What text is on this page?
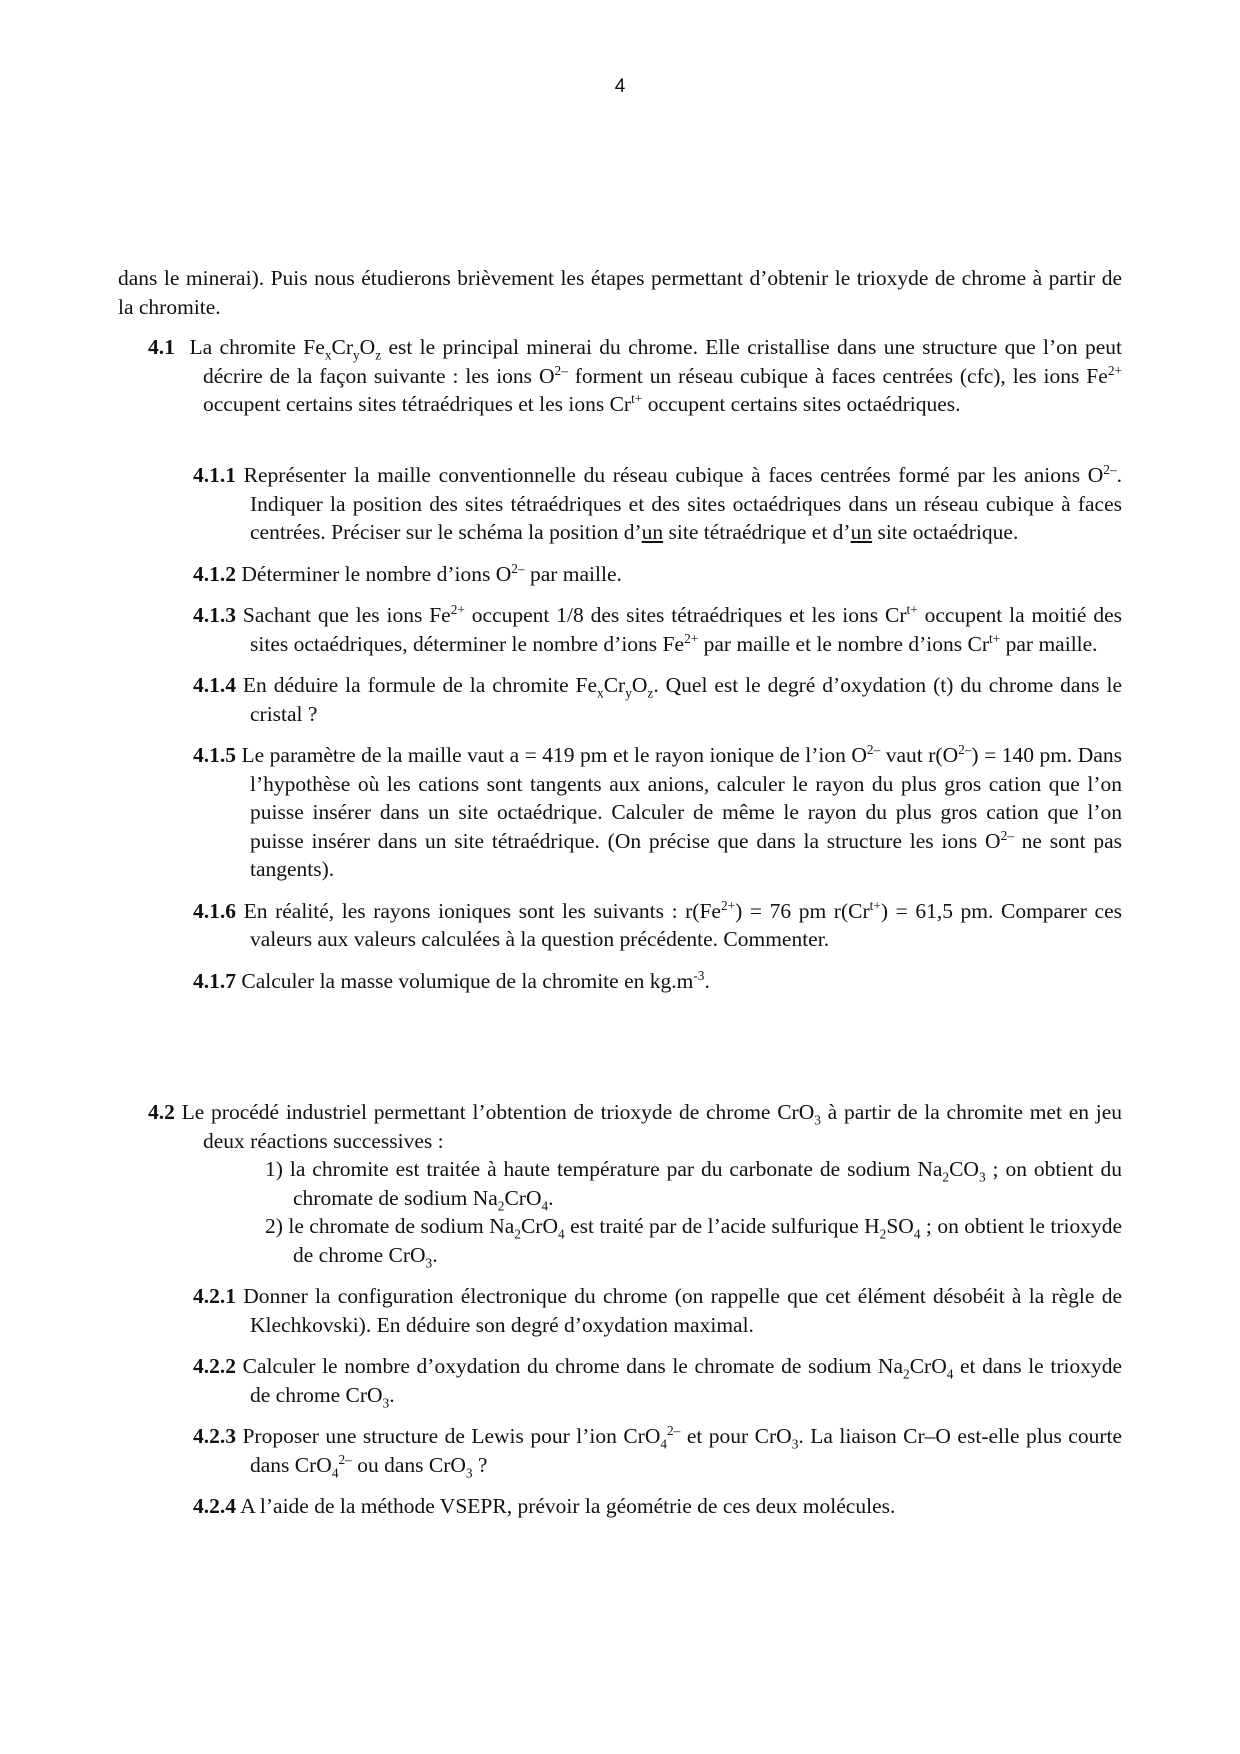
4

dans le minerai). Puis nous étudierons brièvement les étapes permettant d’obtenir le trioxyde de chrome à partir de la chromite.

4.1 La chromite $Fe_xCr_yO_z$ est le principal minerai du chrome. Elle cristallise dans une structure que l’on peut décrire de la façon suivante : les ions $O^{2-}$ forment un réseau cubique à faces centrées (cfc), les ions $Fe^{2+}$ occupent certains sites tétraédriques et les ions $Cr^{t+}$ occupent certains sites octaédriques.

4.1.1 Représenter la maille conventionnelle du réseau cubique à faces centrées formé par les anions $O^{2-}$. Indiquer la position des sites tétraédriques et des sites octaédriques dans un réseau cubique à faces centrées. Préciser sur le schéma la position d’un site tétraédrique et d’un site octaédrique.

4.1.2 Déterminer le nombre d’ions $O^{2-}$ par maille.

4.1.3 Sachant que les ions $Fe^{2+}$ occupent 1/8 des sites tétraédriques et les ions $Cr^{t+}$ occupent la moitié des sites octaédriques, déterminer le nombre d’ions $Fe^{2+}$ par maille et le nombre d’ions $Cr^{t+}$ par maille.

4.1.4 En déduire la formule de la chromite $Fe_xCr_yO_z$. Quel est le degré d’oxydation (t) du chrome dans le cristal ?

4.1.5 Le paramètre de la maille vaut a = 419 pm et le rayon ionique de l’ion $O^{2-}$ vaut $r(O^{2-}) = 140$ pm. Dans l’hypothèse où les cations sont tangents aux anions, calculer le rayon du plus gros cation que l’on puisse insérer dans un site octaédrique. Calculer de même le rayon du plus gros cation que l’on puisse insérer dans un site tétraédrique. (On précise que dans la structure les ions $O^{2-}$ ne sont pas tangents).

4.1.6 En réalité, les rayons ioniques sont les suivants : $r(Fe^{2+}) = 76$ pm $r(Cr^{t+}) = 61,5$ pm. Comparer ces valeurs aux valeurs calculées à la question précédente. Commenter.

4.1.7 Calculer la masse volumique de la chromite en $kg.m^{-3}$.

4.2 Le procédé industriel permettant l’obtention de trioxyde de chrome CrO$_3$ à partir de la chromite met en jeu deux réactions successives :

1) la chromite est traitée à haute température par du carbonate de sodium $Na_2CO_3$ ; on obtient du chromate de sodium $Na_2CrO_4$.

2) le chromate de sodium $Na_2CrO_4$ est traité par de l’acide sulfurique $H_2SO_4$ ; on obtient le trioxyde de chrome CrO$_3$.

4.2.1 Donner la configuration électronique du chrome (on rappelle que cet élément désobéit à la règle de Klechkovski). En déduire son degré d’oxydation maximal.

4.2.2 Calculer le nombre d’oxydation du chrome dans le chromate de sodium $Na_2CrO_4$ et dans le trioxyde de chrome CrO$_3$.

4.2.3 Proposer une structure de Lewis pour l’ion CrO$_4^{2-}$ et pour CrO$_3$. La liaison Cr–O est-elle plus courte dans CrO$_4^{2-}$ ou dans CrO$_3$ ?

4.2.4 A l’aide de la méthode VSEPR, prévoir la géométrie de ces deux molécules.
